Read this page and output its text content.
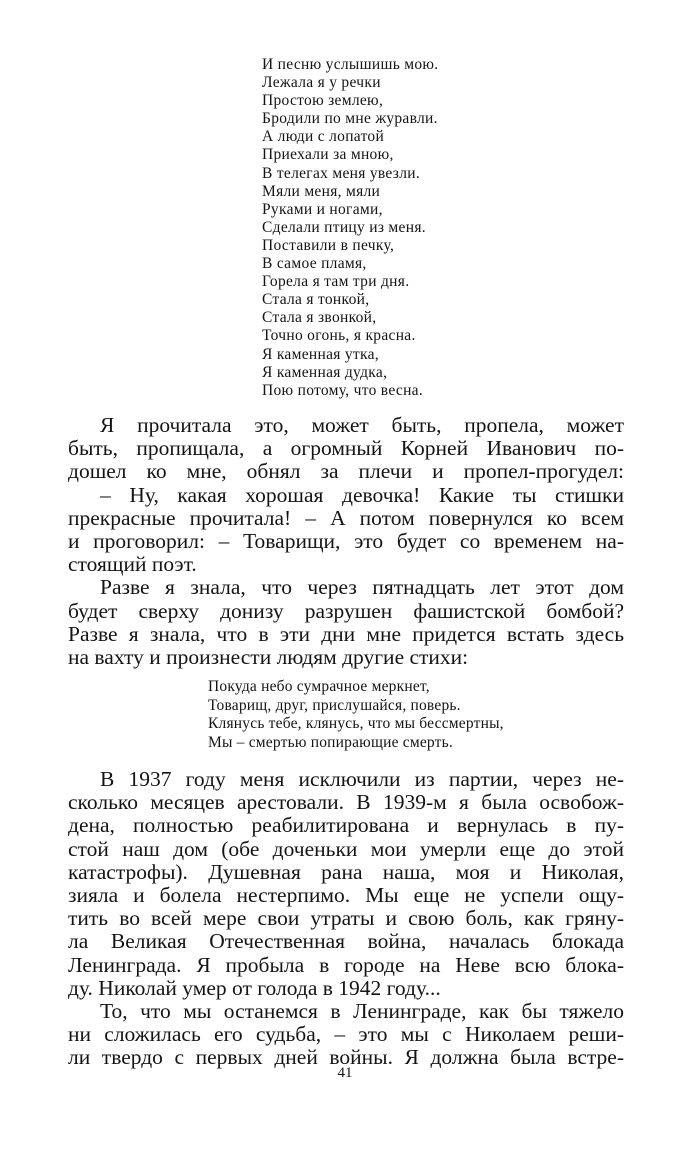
И песню услышишь мою.
Лежала я у речки
Простою землею,
Бродили по мне журавли.
А люди с лопатой
Приехали за мною,
В телегах меня увезли.
Мяли меня, мяли
Руками и ногами,
Сделали птицу из меня.
Поставили в печку,
В самое пламя,
Горела я там три дня.
Стала я тонкой,
Стала я звонкой,
Точно огонь, я красна.
Я каменная утка,
Я каменная дудка,
Пою потому, что весна.
Я прочитала это, может быть, пропела, может
быть, пропищала, а огромный Корней Иванович по-
дошел ко мне, обнял за плечи и пропел-прогудел:
– Ну, какая хорошая девочка! Какие ты стишки
прекрасные прочитала! – А потом повернулся ко всем
и проговорил: – Товарищи, это будет со временем на-
стоящий поэт.
Разве я знала, что через пятнадцать лет этот дом
будет сверху донизу разрушен фашистской бомбой?
Разве я знала, что в эти дни мне придется встать здесь
на вахту и произнести людям другие стихи:
Покуда небо сумрачное меркнет,
Товарищ, друг, прислушайся, поверь.
Клянусь тебе, клянусь, что мы бессмертны,
Мы – смертью попирающие смерть.
В 1937 году меня исключили из партии, через не-
сколько месяцев арестовали. В 1939-м я была освобож-
дена, полностью реабилитирована и вернулась в пу-
стой наш дом (обе доченьки мои умерли еще до этой
катастрофы). Душевная рана наша, моя и Николая,
зияла и болела нестерпимо. Мы еще не успели ощу-
тить во всей мере свои утраты и свою боль, как гряну-
ла Великая Отечественная война, началась блокада
Ленинграда. Я пробыла в городе на Неве всю блока-
ду. Николай умер от голода в 1942 году...
То, что мы останемся в Ленинграде, как бы тяжело
ни сложилась его судьба, – это мы с Николаем реши-
ли твердо с первых дней войны. Я должна была встре-
41
